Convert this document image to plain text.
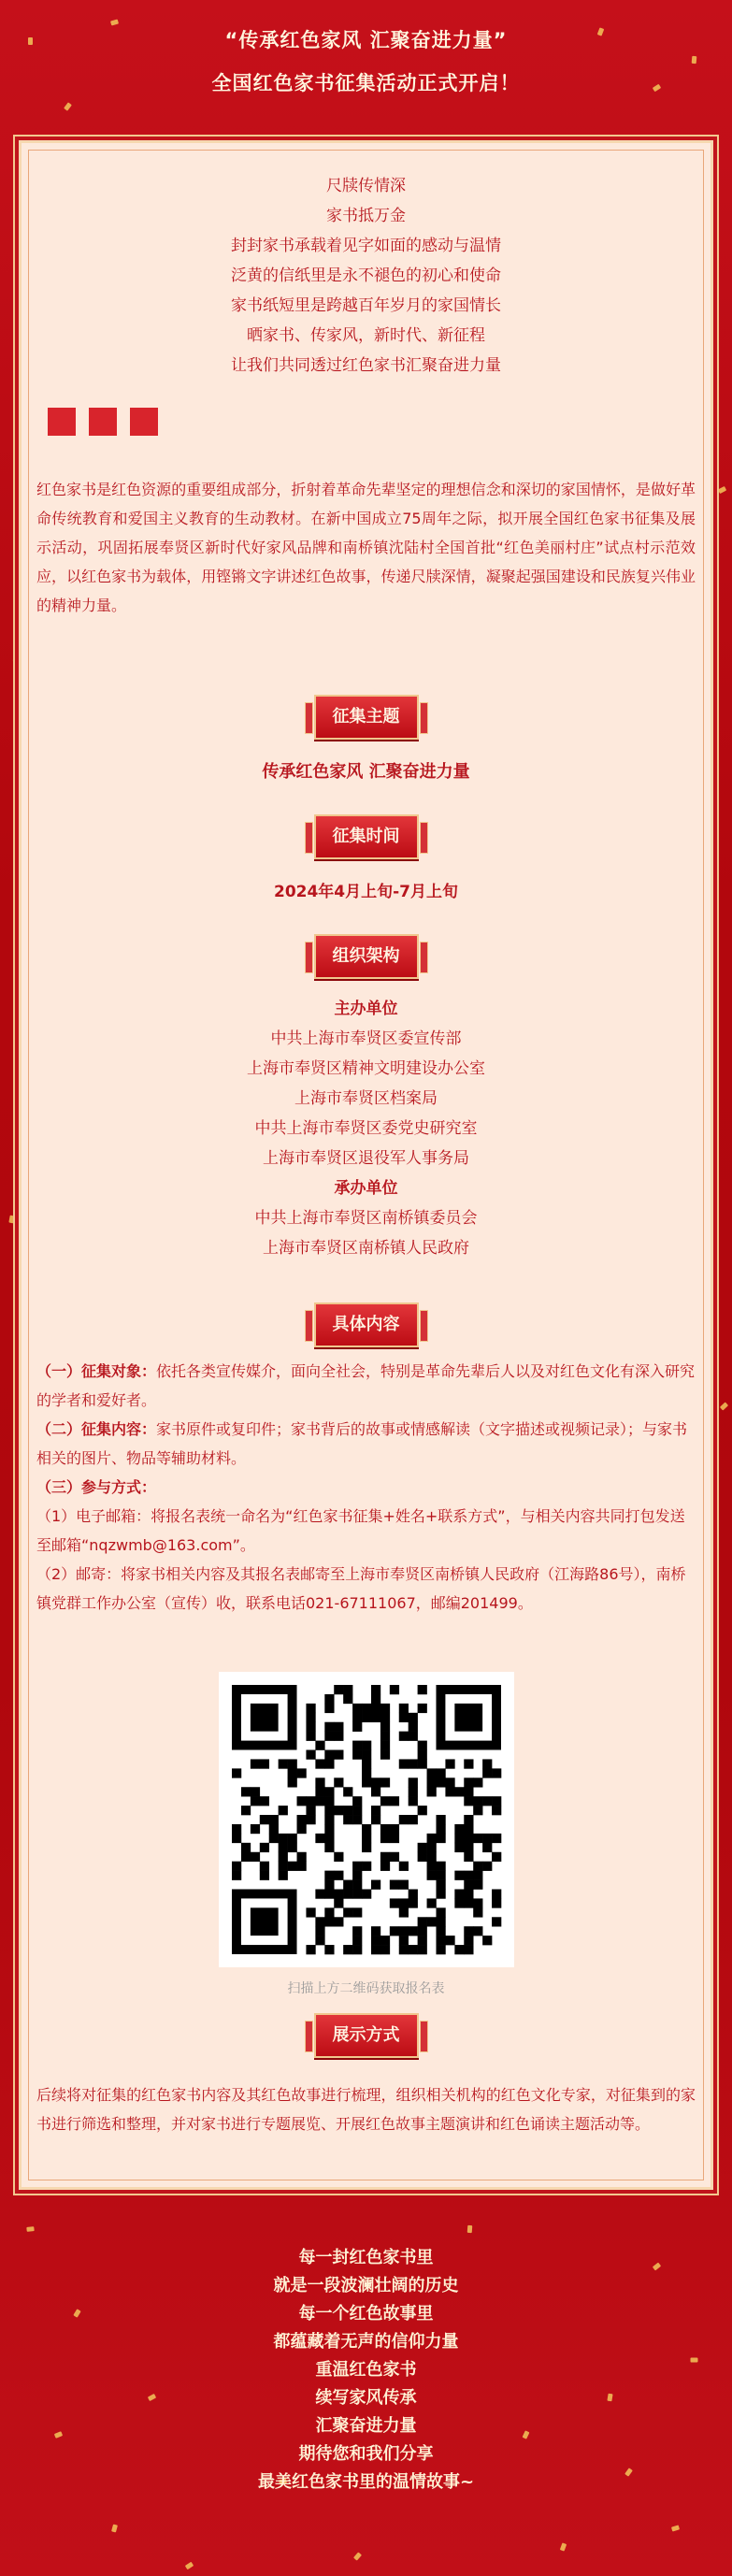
“传承红色家风 汇聚奋进力量”
全国红色家书征集活动正式开启！
尺牍传情深
家书抵万金
封封家书承载着见字如面的感动与温情
泛黄的信纸里是永不褪色的初心和使命
家书纸短里是跨越百年岁月的家国情长
晒家书、传家风，新时代、新征程
让我们共同透过红色家书汇聚奋进力量
红色家书是红色资源的重要组成部分，折射着革命先辈坚定的理想信念和深切的家国情怀，是做好革命传统教育和爱国主义教育的生动教材。在新中国成立75周年之际，拟开展全国红色家书征集及展示活动，巩固拓展奉贤区新时代好家风品牌和南桥镇沈陆村全国首批“红色美丽村庄”试点村示范效应，以红色家书为载体，用铿锵文字讲述红色故事，传递尺牍深情，凝聚起强国建设和民族复兴伟业的精神力量。
征集主题
传承红色家风 汇聚奋进力量
征集时间
2024年4月上旬-7月上旬
组织架构
主办单位
中共上海市奉贤区委宣传部
上海市奉贤区精神文明建设办公室
上海市奉贤区档案局
中共上海市奉贤区委党史研究室
上海市奉贤区退役军人事务局
承办单位
中共上海市奉贤区南桥镇委员会
上海市奉贤区南桥镇人民政府
具体内容
（一）征集对象：依托各类宣传媒介，面向全社会，特别是革命先辈后人以及对红色文化有深入研究的学者和爱好者。
（二）征集内容：家书原件或复印件；家书背后的故事或情感解读（文字描述或视频记录）；与家书相关的图片、物品等辅助材料。
（三）参与方式：
（1）电子邮箱：将报名表统一命名为“红色家书征集+姓名+联系方式”，与相关内容共同打包发送至邮箱“nqzwmb@163.com”。
（2）邮寄：将家书相关内容及其报名表邮寄至上海市奉贤区南桥镇人民政府（江海路86号），南桥镇党群工作办公室（宣传）收，联系电话021-67111067，邮编201499。
扫描上方二维码获取报名表
展示方式
后续将对征集的红色家书内容及其红色故事进行梳理，组织相关机构的红色文化专家，对征集到的家书进行筛选和整理，并对家书进行专题展览、开展红色故事主题演讲和红色诵读主题活动等。
每一封红色家书里
就是一段波澜壮阔的历史
每一个红色故事里
都蕴藏着无声的信仰力量
重温红色家书
续写家风传承
汇聚奋进力量
期待您和我们分享
最美红色家书里的温情故事~
